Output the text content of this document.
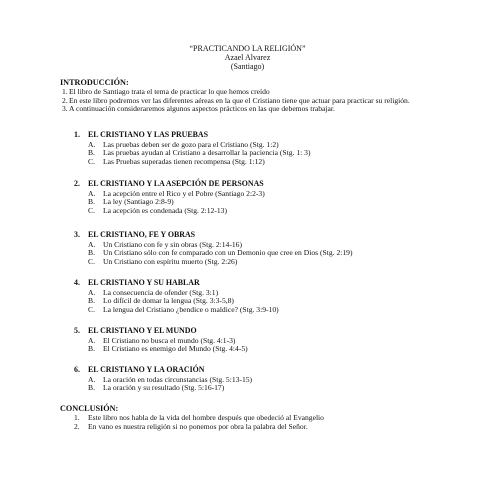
“PRACTICANDO LA RELIGIÓN”
Azael Alvarez
(Santiago)
INTRODUCCIÓN:
1. El libro de Santiago trata el tema de practicar lo que hemos creído
2. En este libro podremos ver las diferentes aéreas en la que el Cristiano tiene que actuar para practicar su religión.
3. A continuación consideraremos algunos aspectos prácticos en las que debemos trabajar.
1.	EL CRISTIANO Y LAS PRUEBAS
A.	Las pruebas deben ser de gozo para el Cristiano (Stg. 1:2)
B.	Las pruebas ayudan al Cristiano a desarrollar la paciencia (Stg. 1: 3)
C.	Las Pruebas superadas tienen recompensa (Stg. 1:12)
2.	EL CRISTIANO Y LA ASEPCIÓN DE PERSONAS
A.	La acepción entre el Rico y el Pobre (Santiago 2:2-3)
B.	La ley (Santiago 2:8-9)
C.	La acepción es condenada (Stg. 2:12-13)
3.	EL CRISTIANO, FE Y OBRAS
A.	Un Cristiano con fe y sin obras (Stg. 2:14-16)
B.	Un Cristiano sólo con fe comparado con un Demonio que cree en Dios (Stg. 2:19)
C.	Un Cristiano con espíritu muerto (Stg. 2:26)
4.	EL CRISTIANO Y SU HABLAR
A.	La consecuencia de ofender (Stg. 3:1)
B.	Lo difícil de domar la lengua (Stg. 3:3-5,8)
C.	La lengua del Cristiano ¿bendice o maldice? (Stg. 3:9-10)
5.	EL CRISTIANO Y EL MUNDO
A.	El Cristiano no busca el mundo (Stg. 4:1-3)
B.	El Cristiano es enemigo del Mundo (Stg. 4:4-5)
6.	EL CRISTIANO Y LA ORACIÓN
A.	La oración en todas circunstancias (Stg. 5:13-15)
B.	La oración y su resultado (Stg. 5:16-17)
CONCLUSIÓN:
1.	Este libro nos habla de la vida del hombre después que obedeció al Evangelio
2.	En vano es nuestra religión si no ponemos por obra la palabra del Señor.
